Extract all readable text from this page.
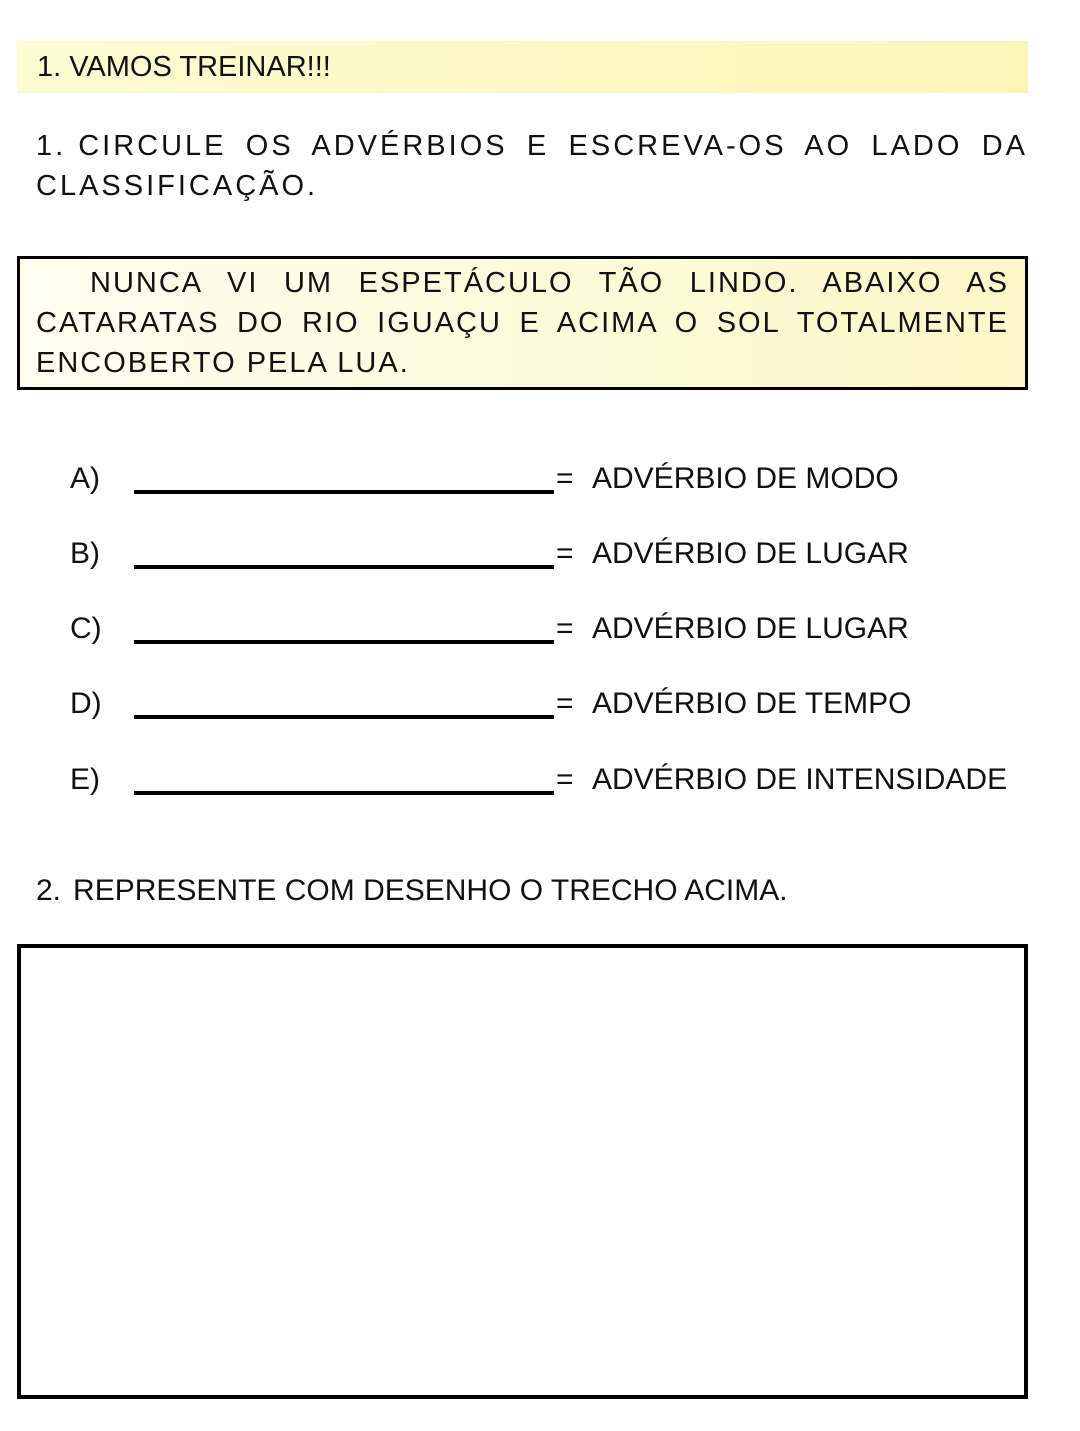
1. VAMOS TREINAR!!!
1. CIRCULE OS ADVÉRBIOS E ESCREVA-OS AO LADO DA CLASSIFICAÇÃO.
NUNCA VI UM ESPETÁCULO TÃO LINDO. ABAIXO AS CATARATAS DO RIO IGUAÇU E ACIMA O SOL TOTALMENTE ENCOBERTO PELA LUA.
A)	= ADVÉRBIO DE MODO
B)	= ADVÉRBIO DE LUGAR
C)	= ADVÉRBIO DE LUGAR
D)	= ADVÉRBIO DE TEMPO
E)	= ADVÉRBIO DE INTENSIDADE
2. REPRESENTE COM DESENHO O TRECHO ACIMA.
